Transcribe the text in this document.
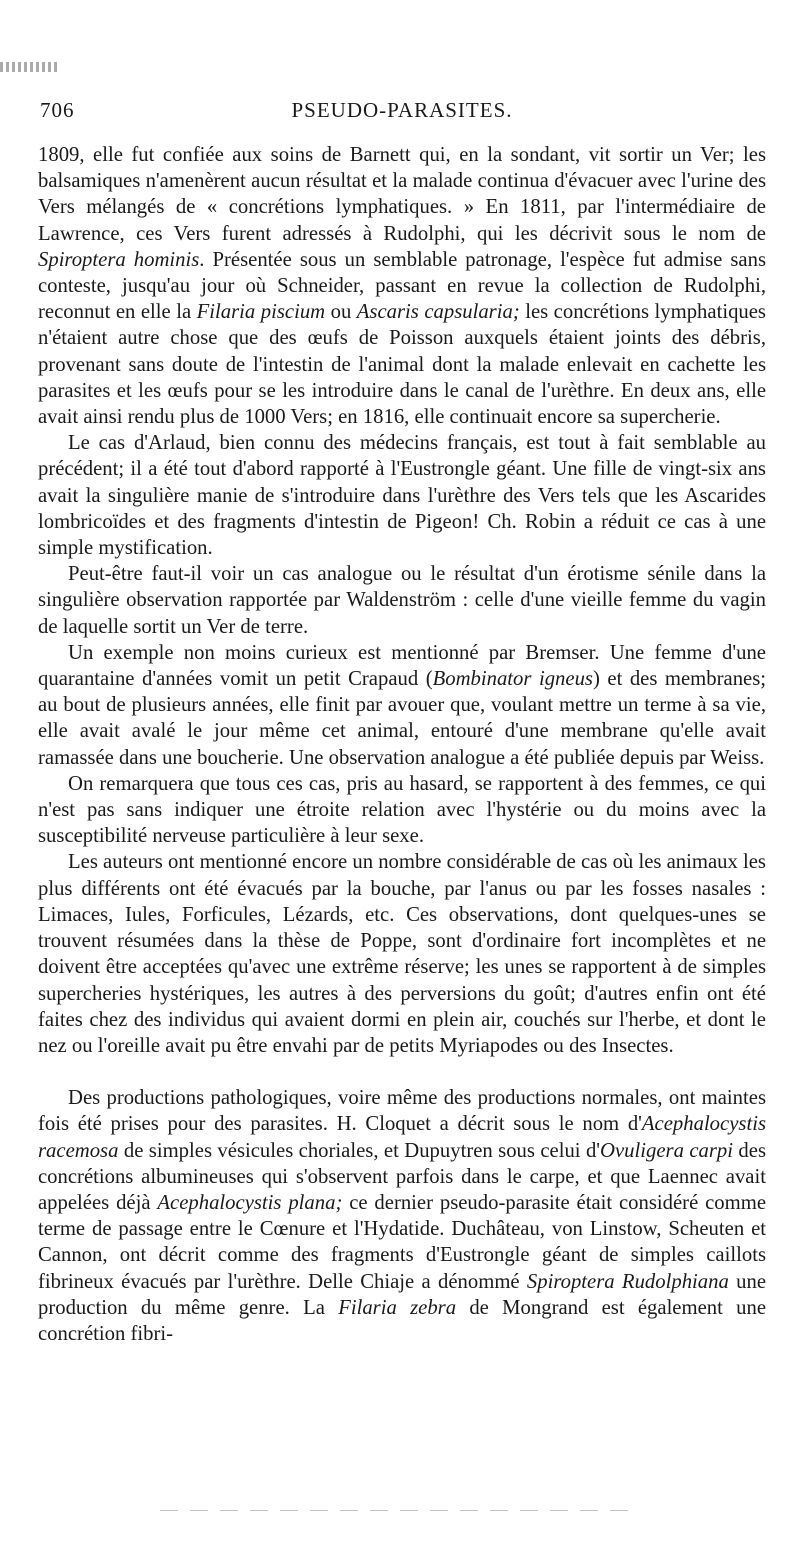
706	PSEUDO-PARASITES.

1809, elle fut confiée aux soins de Barnett qui, en la sondant, vit sortir un Ver; les balsamiques n'amenèrent aucun résultat et la malade continua d'évacuer avec l'urine des Vers mélangés de « concrétions lymphatiques. » En 1811, par l'intermédiaire de Lawrence, ces Vers furent adressés à Rudolphi, qui les décrivit sous le nom de Spiroptera hominis. Présentée sous un semblable patronage, l'espèce fut admise sans conteste, jusqu'au jour où Schneider, passant en revue la collection de Rudolphi, reconnut en elle la Filaria piscium ou Ascaris capsularia; les concrétions lymphatiques n'étaient autre chose que des œufs de Poisson auxquels étaient joints des débris, provenant sans doute de l'intestin de l'animal dont la malade enlevait en cachette les parasites et les œufs pour se les introduire dans le canal de l'urèthre. En deux ans, elle avait ainsi rendu plus de 1000 Vers; en 1816, elle continuait encore sa supercherie.

Le cas d'Arlaud, bien connu des médecins français, est tout à fait semblable au précédent; il a été tout d'abord rapporté à l'Eustrongle géant. Une fille de vingt-six ans avait la singulière manie de s'introduire dans l'urèthre des Vers tels que les Ascarides lombricoïdes et des fragments d'intestin de Pigeon! Ch. Robin a réduit ce cas à une simple mystification.

Peut-être faut-il voir un cas analogue ou le résultat d'un érotisme sénile dans la singulière observation rapportée par Waldenström : celle d'une vieille femme du vagin de laquelle sortit un Ver de terre.

Un exemple non moins curieux est mentionné par Bremser. Une femme d'une quarantaine d'années vomit un petit Crapaud (Bombinator igneus) et des membranes; au bout de plusieurs années, elle finit par avouer que, voulant mettre un terme à sa vie, elle avait avalé le jour même cet animal, entouré d'une membrane qu'elle avait ramassée dans une boucherie. Une observation analogue a été publiée depuis par Weiss.

On remarquera que tous ces cas, pris au hasard, se rapportent à des femmes, ce qui n'est pas sans indiquer une étroite relation avec l'hystérie ou du moins avec la susceptibilité nerveuse particulière à leur sexe.

Les auteurs ont mentionné encore un nombre considérable de cas où les animaux les plus différents ont été évacués par la bouche, par l'anus ou par les fosses nasales : Limaces, Iules, Forficules, Lézards, etc. Ces observations, dont quelques-unes se trouvent résumées dans la thèse de Poppe, sont d'ordinaire fort incomplètes et ne doivent être acceptées qu'avec une extrême réserve; les unes se rapportent à de simples supercheries hystériques, les autres à des perversions du goût; d'autres enfin ont été faites chez des individus qui avaient dormi en plein air, couchés sur l'herbe, et dont le nez ou l'oreille avait pu être envahi par de petits Myriapodes ou des Insectes.

Des productions pathologiques, voire même des productions normales, ont maintes fois été prises pour des parasites. H. Cloquet a décrit sous le nom d'Acephalocystis racemosa de simples vésicules choriales, et Dupuytren sous celui d'Ovuligera carpi des concrétions albumineuses qui s'observent parfois dans le carpe, et que Laennec avait appelées déjà Acephalocystis plana; ce dernier pseudo-parasite était considéré comme terme de passage entre le Cœnure et l'Hydatide. Duchâteau, von Linstow, Scheuten et Cannon, ont décrit comme des fragments d'Eustrongle géant de simples caillots fibrineux évacués par l'urèthre. Delle Chiaje a dénommé Spiroptera Rudolphiana une production du même genre. La Filaria zebra de Mongrand est également une concrétion fibri-
